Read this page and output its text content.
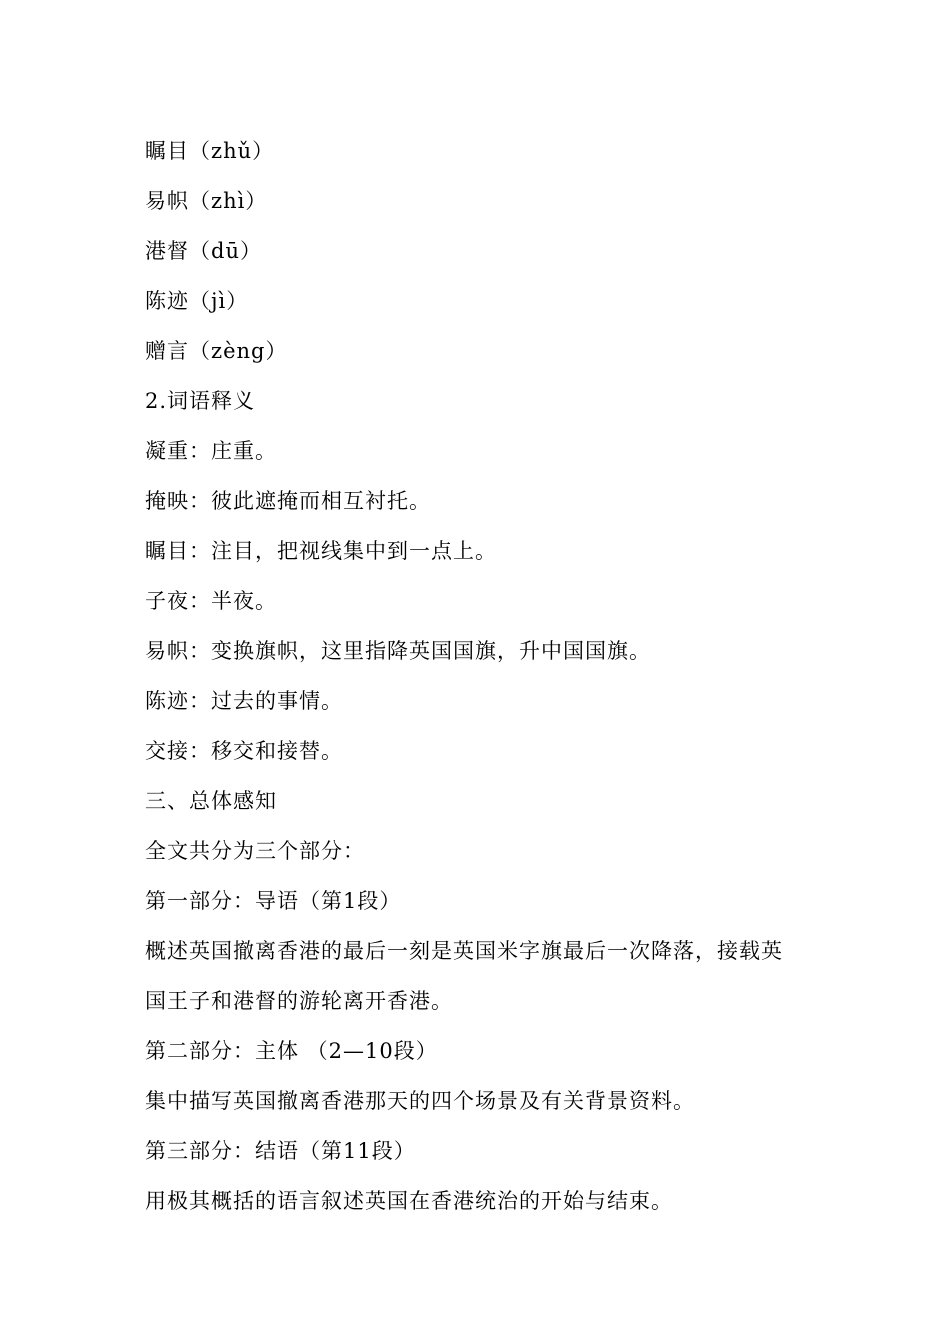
瞩目（zhǔ）
易帜（zhì）
港督（dū）
陈迹（jì）
赠言（zèng）
2.词语释义
凝重：庄重。
掩映：彼此遮掩而相互衬托。
瞩目：注目，把视线集中到一点上。
子夜：半夜。
易帜：变换旗帜，这里指降英国国旗，升中国国旗。
陈迹：过去的事情。
交接：移交和接替。
三、总体感知
全文共分为三个部分：
第一部分：导语（第1段）
概述英国撤离香港的最后一刻是英国米字旗最后一次降落，接载英
国王子和港督的游轮离开香港。
第二部分：主体 （2—10段）
集中描写英国撤离香港那天的四个场景及有关背景资料。
第三部分：结语（第11段）
用极其概括的语言叙述英国在香港统治的开始与结束。
